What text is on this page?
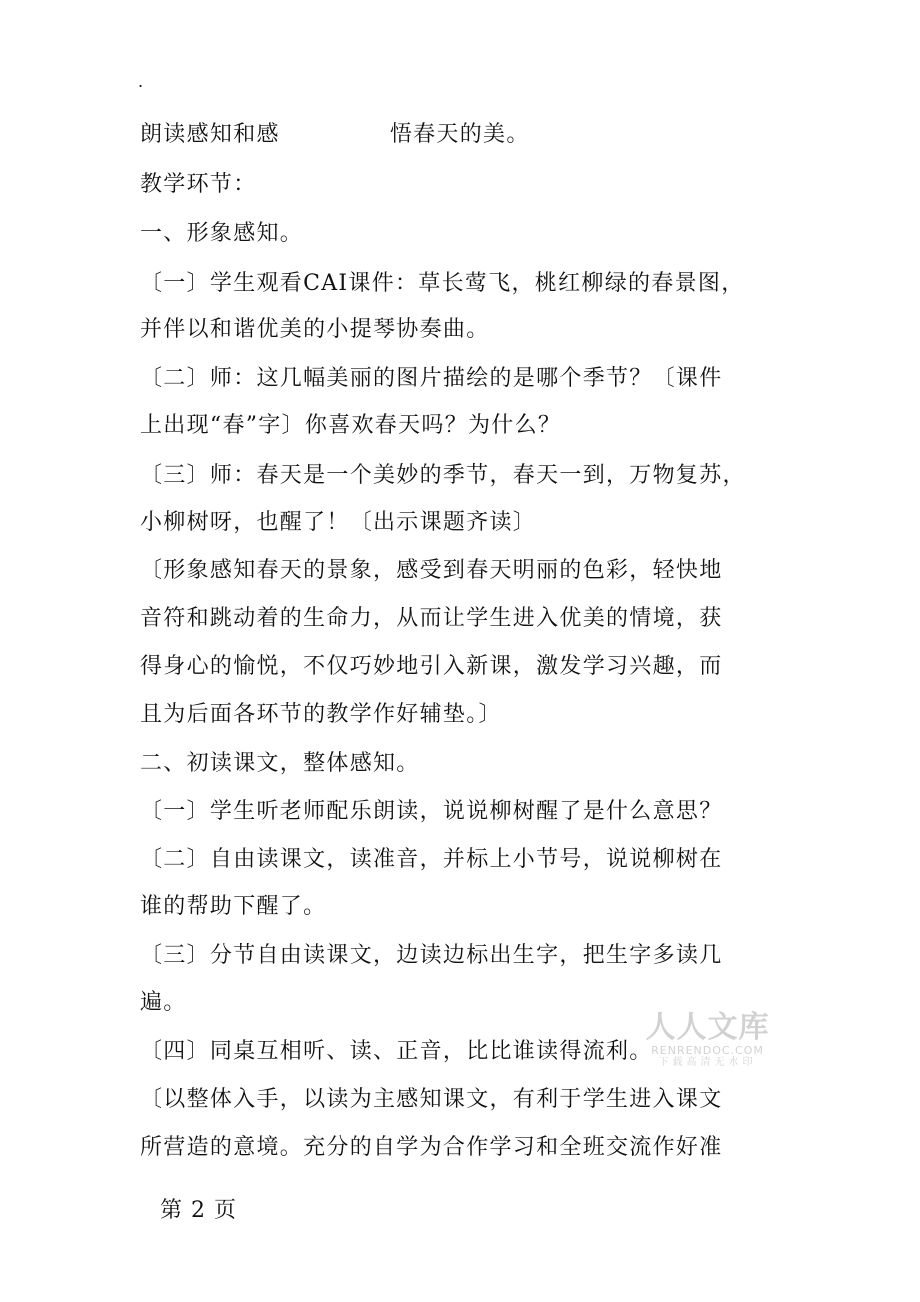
.
朗读感知和感	悟春天的美。
教学环节：
一、形象感知。
〔一〕学生观看CAI课件：草长莺飞，桃红柳绿的春景图，
并伴以和谐优美的小提琴协奏曲。
〔二〕师：这几幅美丽的图片描绘的是哪个季节？〔课件
上出现“春”字〕你喜欢春天吗？为什么？
〔三〕师：春天是一个美妙的季节，春天一到，万物复苏，
小柳树呀，也醒了！〔出示课题齐读〕
〔形象感知春天的景象，感受到春天明丽的色彩，轻快地
音符和跳动着的生命力，从而让学生进入优美的情境，获
得身心的愉悦，不仅巧妙地引入新课，激发学习兴趣，而
且为后面各环节的教学作好辅垫。〕
二、初读课文，整体感知。
〔一〕学生听老师配乐朗读，说说柳树醒了是什么意思？
〔二〕自由读课文，读准音，并标上小节号，说说柳树在
谁的帮助下醒了。
〔三〕分节自由读课文，边读边标出生字，把生字多读几
遍。
〔四〕同桌互相听、读、正音，比比谁读得流利。
〔以整体入手，以读为主感知课文，有利于学生进入课文
所营造的意境。充分的自学为合作学习和全班交流作好准
第 2 页
人人文库
RENRENDOC.COM
下载高清无水印
